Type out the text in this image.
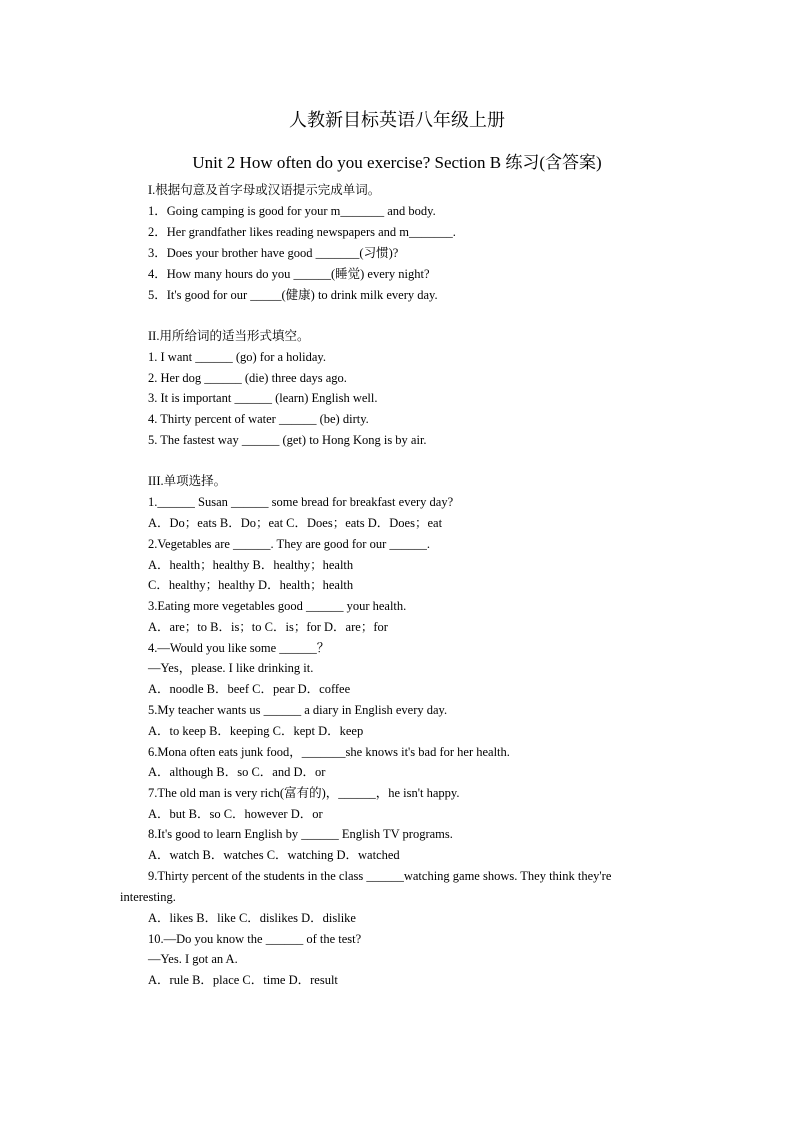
人教新目标英语八年级上册
Unit 2 How often do you exercise? Section B 练习(含答案)
I.根据句意及首字母或汉语提示完成单词。
1．Going camping is good for your m_______ and body.
2．Her grandfather likes reading newspapers and m_______.
3．Does your brother have good _______(习惯)?
4．How many hours do you ______(睡觉) every night?
5．It's good for our _____(健康) to drink milk every day.
II.用所给词的适当形式填空。
1. I want ______ (go) for a holiday.
2. Her dog ______ (die) three days ago.
3. It is important ______ (learn) English well.
4. Thirty percent of water ______ (be) dirty.
5. The fastest way ______ (get) to Hong Kong is by air.
III.单项选择。
1.______ Susan ______ some bread for breakfast every day?
A．Do；eats B．Do；eat C．Does；eats D．Does；eat
2.Vegetables are ______. They are good for our ______.
A．health；healthy B．healthy；health
C．healthy；healthy D．health；health
3.Eating more vegetables good ______ your health.
A．are；to B．is；to C．is；for D．are；for
4.—Would you like some ______？
—Yes，please. I like drinking it.
A．noodle B．beef C．pear D．coffee
5.My teacher wants us ______ a diary in English every day.
A．to keep B．keeping C．kept D．keep
6.Mona often eats junk food，_______she knows it's bad for her health.
A．although B．so C．and D．or
7.The old man is very rich(富有的)，______，he isn't happy.
A．but B．so C．however D．or
8.It's good to learn English by ______ English TV programs.
A．watch B．watches C．watching D．watched
9.Thirty percent of the students in the class ______watching game shows. They think they're
interesting.
A．likes B．like C．dislikes D．dislike
10.—Do you know the ______ of the test?
—Yes. I got an A.
A．rule B．place C．time D．result
